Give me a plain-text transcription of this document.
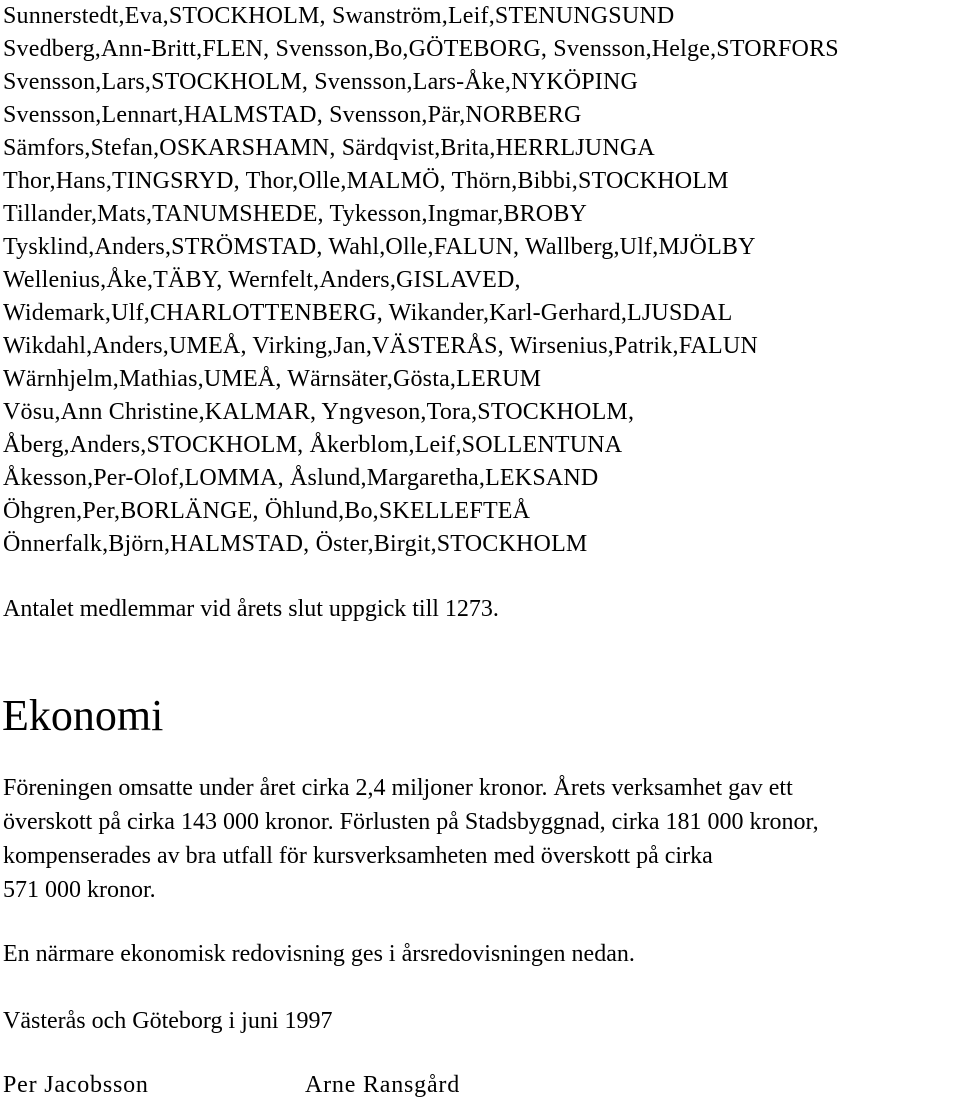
Sunnerstedt,Eva,STOCKHOLM, Swanström,Leif,STENUNGSUND
Svedberg,Ann-Britt,FLEN, Svensson,Bo,GÖTEBORG, Svensson,Helge,STORFORS
Svensson,Lars,STOCKHOLM, Svensson,Lars-Åke,NYKÖPING
Svensson,Lennart,HALMSTAD, Svensson,Pär,NORBERG
Sämfors,Stefan,OSKARSHAMN, Särdqvist,Brita,HERRLJUNGA
Thor,Hans,TINGSRYD, Thor,Olle,MALMÖ, Thörn,Bibbi,STOCKHOLM
Tillander,Mats,TANUMSHEDE, Tykesson,Ingmar,BROBY
Tysklind,Anders,STRÖMSTAD, Wahl,Olle,FALUN, Wallberg,Ulf,MJÖLBY
Wellenius,Åke,TÄBY, Wernfelt,Anders,GISLAVED,
Widemark,Ulf,CHARLOTTENBERG, Wikander,Karl-Gerhard,LJUSDAL
Wikdahl,Anders,UMEÅ, Virking,Jan,VÄSTERÅS, Wirsenius,Patrik,FALUN
Wärnhjelm,Mathias,UMEÅ, Wärnsäter,Gösta,LERUM
Vösu,Ann Christine,KALMAR, Yngveson,Tora,STOCKHOLM,
Åberg,Anders,STOCKHOLM, Åkerblom,Leif,SOLLENTUNA
Åkesson,Per-Olof,LOMMA, Åslund,Margaretha,LEKSAND
Öhgren,Per,BORLÄNGE, Öhlund,Bo,SKELLEFTEÅ
Önnerfalk,Björn,HALMSTAD, Öster,Birgit,STOCKHOLM

Antalet medlemmar vid årets slut uppgick till 1273.

Ekonomi
Föreningen omsatte under året cirka 2,4 miljoner kronor. Årets verksamhet gav ett
överskott på cirka 143 000 kronor. Förlusten på Stadsbyggnad, cirka 181 000 kronor,
kompenserades av bra utfall för kursverksamheten med överskott på cirka
571 000 kronor.

En närmare ekonomisk redovisning ges i årsredovisningen nedan.

Västerås och Göteborg i juni 1997

Per Jacobsson	Arne Ransgård
